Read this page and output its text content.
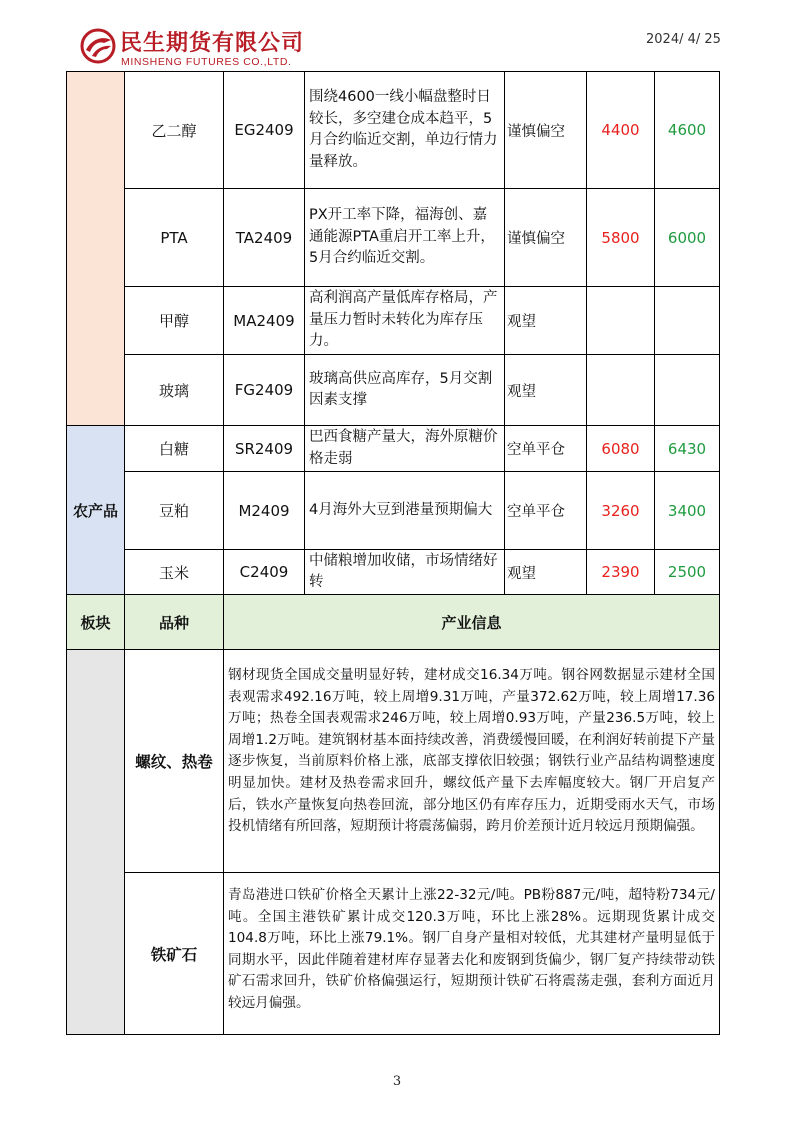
民生期货有限公司
MINSHENG FUTURES CO.,LTD.
2024/ 4/ 25
	乙二醇	EG2409	围绕4600一线小幅盘整时日较长，多空建仓成本趋平，5月合约临近交割，单边行情力量释放。	谨慎偏空	4400	4600
	PTA	TA2409	PX开工率下降，福海创、嘉通能源PTA重启开工率上升，5月合约临近交割。	谨慎偏空	5800	6000
	甲醇	MA2409	高利润高产量低库存格局，产量压力暂时未转化为库存压力。	观望		
	玻璃	FG2409	玻璃高供应高库存，5月交割因素支撑	观望		
农产品	白糖	SR2409	巴西食糖产量大，海外原糖价格走弱	空单平仓	6080	6430
	豆粕	M2409	4月海外大豆到港量预期偏大	空单平仓	3260	3400
	玉米	C2409	中储粮增加收储，市场情绪好转	观望	2390	2500
板块	品种	产业信息				
	螺纹、热卷	钢材现货全国成交量明显好转，建材成交16.34万吨。钢谷网数据显示建材全国表观需求492.16万吨，较上周增9.31万吨，产量372.62万吨，较上周增17.36万吨；热卷全国表观需求246万吨，较上周增0.93万吨，产量236.5万吨，较上周增1.2万吨。建筑钢材基本面持续改善，消费缓慢回暖，在利润好转前提下产量逐步恢复，当前原料价格上涨，底部支撑依旧较强；钢铁行业产品结构调整速度明显加快。建材及热卷需求回升，螺纹低产量下去库幅度较大。钢厂开启复产后，铁水产量恢复向热卷回流，部分地区仍有库存压力，近期受雨水天气，市场投机情绪有所回落，短期预计将震荡偏弱，跨月价差预计近月较远月预期偏强。				
	铁矿石	青岛港进口铁矿价格全天累计上涨22-32元/吨。PB粉887元/吨，超特粉734元/吨。全国主港铁矿累计成交120.3万吨，环比上涨28%。远期现货累计成交104.8万吨，环比上涨79.1%。钢厂自身产量相对较低，尤其建材产量明显低于同期水平，因此伴随着建材库存显著去化和废钢到货偏少，钢厂复产持续带动铁矿石需求回升，铁矿价格偏强运行，短期预计铁矿石将震荡走强，套利方面近月较远月偏强。				
3
